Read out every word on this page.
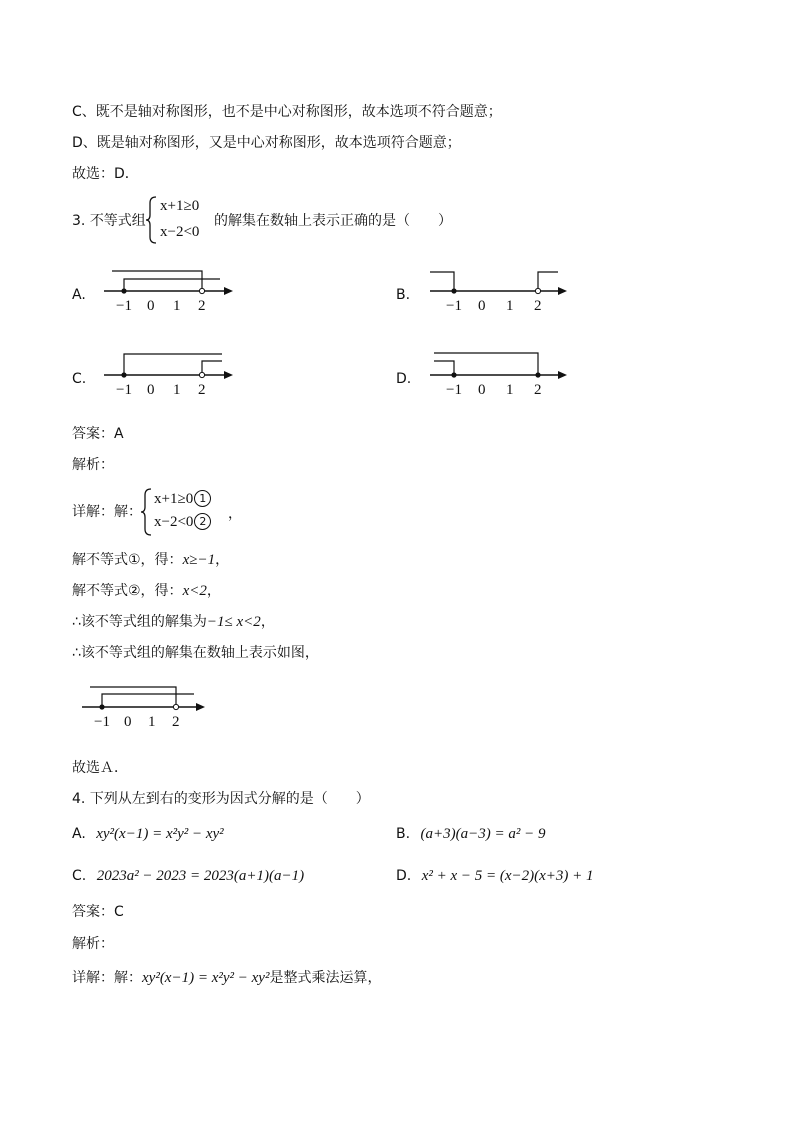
C、既不是轴对称图形，也不是中心对称图形，故本选项不符合题意；
D、既是轴对称图形，又是中心对称图形，故本选项符合题意；
故选：D．
3. 不等式组
x+1≥0
x−2<0
的解集在数轴上表示正确的是（　　）
A.	B.
C.	D.
−1 0 1 2	−1 0 1 2
−1 0 1 2	−1 0 1 2
答案：A
解析：
详解：解：
x+1≥0 1
x−2<0 2	，
解不等式①，得：x≥−1，
解不等式②，得：x<2，
∴该不等式组的解集为−1≤ x<2，
∴该不等式组的解集在数轴上表示如图，
−1 0 1 2
故选Ａ．
4. 下列从左到右的变形为因式分解的是（　　）
A. xy²(x−1) = x²y² − xy²	B. (a+3)(a−3) = a² − 9
C. 2023a² − 2023 = 2023(a+1)(a−1)	D. x² + x − 5 = (x−2)(x+3) + 1
答案：C
解析：
详解：解：xy²(x−1) = x²y² − xy²是整式乘法运算，
